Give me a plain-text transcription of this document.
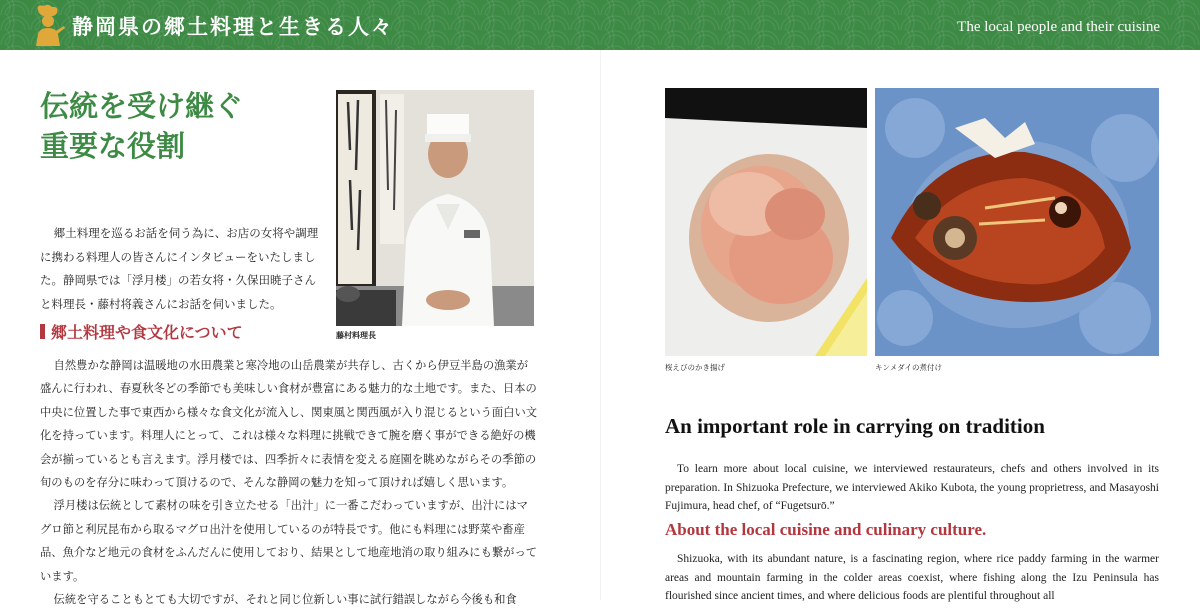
静岡県の郷土料理と生きる人々	The local people and their cuisine
伝統を受け継ぐ
重要な役割
藤村料理長

郷土料理を巡るお話を伺う為に、お店の女将や調理に携わる料理人の皆さんにインタビューをいたしました。静岡県では「浮月楼」の若女将・久保田暁子さんと料理長・藤村将義さんにお話を伺いました。

郷土料理や食文化について

自然豊かな静岡は温暖地の水田農業と寒冷地の山岳農業が共存し、古くから伊豆半島の漁業が盛んに行われ、春夏秋冬どの季節でも美味しい食材が豊富にある魅力的な土地です。また、日本の中央に位置した事で東西から様々な食文化が流入し、関東風と関西風が入り混じるという面白い文化を持っています。料理人にとって、これは様々な料理に挑戦できて腕を磨く事ができる絶好の機会が揃っているとも言えます。浮月楼では、四季折々に表情を変える庭園を眺めながらその季節の旬のものを存分に味わって頂けるので、そんな静岡の魅力を知って頂ければ嬉しく思います。

浮月楼は伝統として素材の味を引き立たせる「出汁」に一番こだわっていますが、出汁にはマグロ節と利尻昆布から取るマグロ出汁を使用しているのが特長です。他にも料理には野菜や畜産品、魚介など地元の食材をふんだんに使用しており、結果として地産地消の取り組みにも繋がっています。

伝統を守ることもとても大切ですが、それと同じ位新しい事に試行錯誤しながら今後も和食

桜えびのかき揚げ	キンメダイの煮付け
An important role in carrying on tradition

To learn more about local cuisine, we interviewed restaurateurs, chefs and others involved in its preparation. In Shizuoka Prefecture, we interviewed Akiko Kubota, the young proprietress, and Masayoshi Fujimura, head chef, of “Fugetsurō.”

About the local cuisine and culinary culture.

Shizuoka, with its abundant nature, is a fascinating region, where rice paddy farming in the warmer areas and mountain farming in the colder areas coexist, where fishing along the Izu Peninsula has flourished since ancient times, and where delicious foods are plentiful throughout all
